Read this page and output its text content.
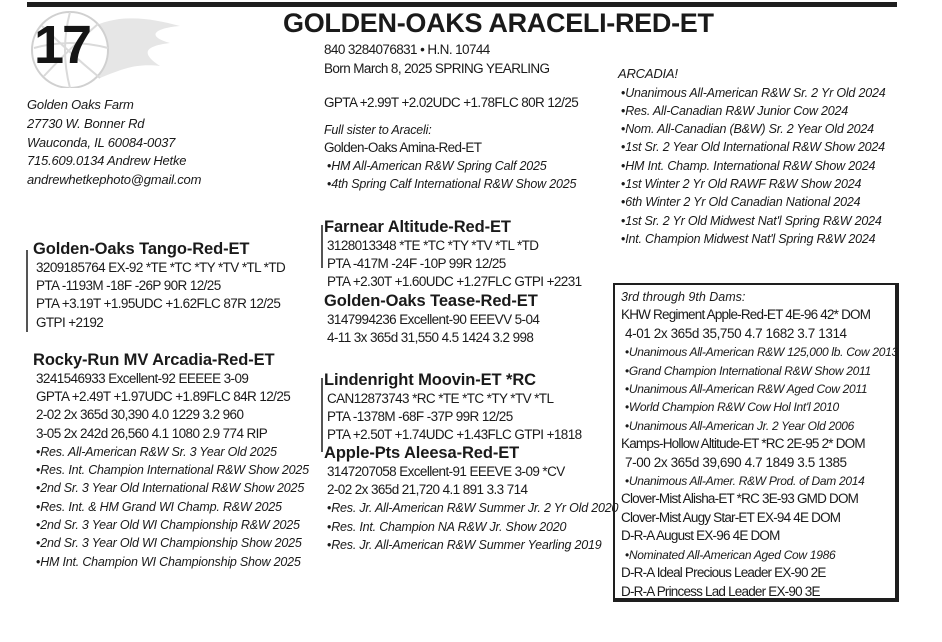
17	GOLDEN-OAKS ARACELI-RED-ET
Golden Oaks Farm
27730 W. Bonner Rd
Wauconda, IL 60084-0037
715.609.0134 Andrew Hetke
andrewhetkephoto@gmail.com
840 3284076831 • H.N. 10744
Born March 8, 2025 SPRING YEARLING
GPTA +2.99T +2.02UDC +1.78FLC 80R 12/25
Full sister to Araceli:
Golden-Oaks Amina-Red-ET
• HM All-American R&W Spring Calf 2025
• 4th Spring Calf International R&W Show 2025
ARCADIA!
• Unanimous All-American R&W Sr. 2 Yr Old 2024
• Res. All-Canadian R&W Junior Cow 2024
• Nom. All-Canadian (B&W) Sr. 2 Year Old 2024
• 1st Sr. 2 Year Old International R&W Show 2024
• HM Int. Champ. International R&W Show 2024
• 1st Winter 2 Yr Old RAWF R&W Show 2024
• 6th Winter 2 Yr Old Canadian National 2024
• 1st Sr. 2 Yr Old Midwest Nat'l Spring R&W 2024
• Int. Champion Midwest Nat'l Spring R&W 2024
Golden-Oaks Tango-Red-ET
3209185764 EX-92 *TE *TC *TY *TV *TL *TD
PTA -1193M -18F -26P 90R 12/25
PTA +3.19T +1.95UDC +1.62FLC 87R 12/25
GTPI +2192
Rocky-Run MV Arcadia-Red-ET
3241546933 Excellent-92 EEEEE 3-09
GPTA +2.49T +1.97UDC +1.89FLC 84R 12/25
2-02 2x 365d 30,390 4.0 1229 3.2 960
3-05 2x 242d 26,560 4.1 1080 2.9 774 RIP
• Res. All-American R&W Sr. 3 Year Old 2025
• Res. Int. Champion International R&W Show 2025
• 2nd Sr. 3 Year Old International R&W Show 2025
• Res. Int. & HM Grand WI Champ. R&W 2025
• 2nd Sr. 3 Year Old WI Championship R&W 2025
• 2nd Sr. 3 Year Old WI Championship Show 2025
• HM Int. Champion WI Championship Show 2025
Farnear Altitude-Red-ET
3128013348 *TE *TC *TY *TV *TL *TD
PTA -417M -24F -10P 99R 12/25
PTA +2.30T +1.60UDC +1.27FLC GTPI +2231
Golden-Oaks Tease-Red-ET
3147994236 Excellent-90 EEEVV 5-04
4-11 3x 365d 31,550 4.5 1424 3.2 998
Lindenright Moovin-ET *RC
CAN12873743 *RC *TE *TC *TY *TV *TL
PTA -1378M -68F -37P 99R 12/25
PTA +2.50T +1.74UDC +1.43FLC GTPI +1818
Apple-Pts Aleesa-Red-ET
3147207058 Excellent-91 EEEVE 3-09 *CV
2-02 2x 365d 21,720 4.1 891 3.3 714
• Res. Jr. All-American R&W Summer Jr. 2 Yr Old 2020
• Res. Int. Champion NA R&W Jr. Show 2020
• Res. Jr. All-American R&W Summer Yearling 2019
3rd through 9th Dams:
KHW Regiment Apple-Red-ET 4E-96 42* DOM
4-01 2x 365d 35,750 4.7 1682 3.7 1314
• Unanimous All-American R&W 125,000 lb. Cow 2013
• Grand Champion International R&W Show 2011
• Unanimous All-American R&W Aged Cow 2011
• World Champion R&W Cow Hol Int'l 2010
• Unanimous All-American Jr. 2 Year Old 2006
Kamps-Hollow Altitude-ET *RC 2E-95 2* DOM
7-00 2x 365d 39,690 4.7 1849 3.5 1385
• Unanimous All-Amer. R&W Prod. of Dam 2014
Clover-Mist Alisha-ET *RC 3E-93 GMD DOM
Clover-Mist Augy Star-ET EX-94 4E DOM
D-R-A August EX-96 4E DOM
• Nominated All-American Aged Cow 1986
D-R-A Ideal Precious Leader EX-90 2E
D-R-A Princess Lad Leader EX-90 3E
